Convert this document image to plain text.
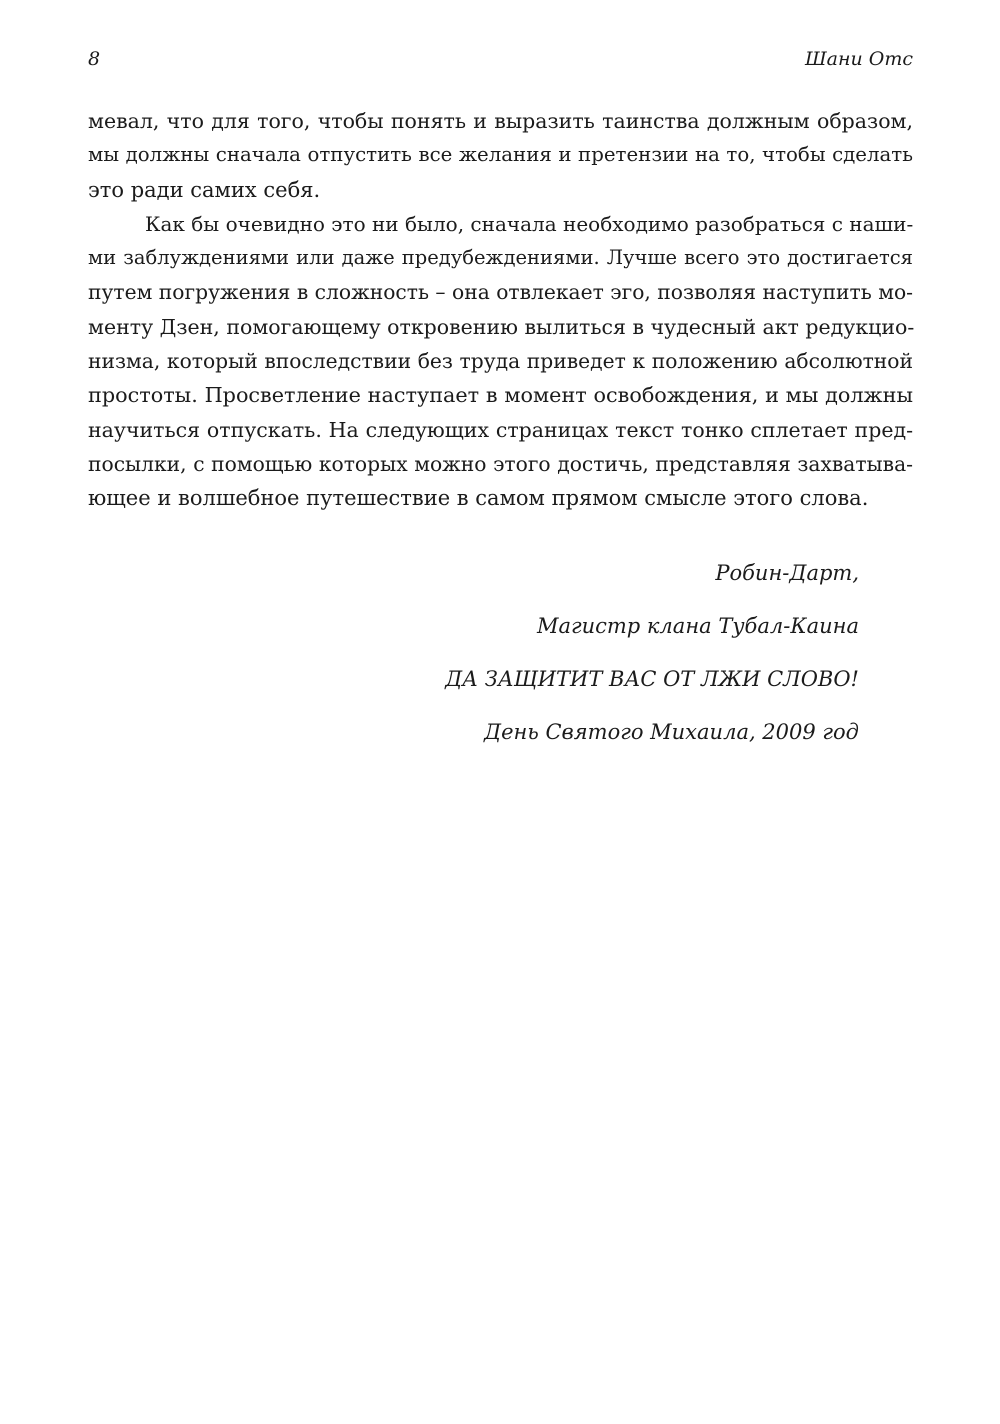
8	Шани Отс

мевал, что для того, чтобы понять и выразить таинства должным образом,
мы должны сначала отпустить все желания и претензии на то, чтобы сделать
это ради самих себя.

Как бы очевидно это ни было, сначала необходимо разобраться с наши-
ми заблуждениями или даже предубеждениями. Лучше всего это достигается
путем погружения в сложность – она отвлекает эго, позволяя наступить мо-
менту Дзен, помогающему откровению вылиться в чудесный акт редукцио-
низма, который впоследствии без труда приведет к положению абсолютной
простоты. Просветление наступает в момент освобождения, и мы должны
научиться отпускать. На следующих страницах текст тонко сплетает пред-
посылки, с помощью которых можно этого достичь, представляя захватыва-
ющее и волшебное путешествие в самом прямом смысле этого слова.

Робин-Дарт,
Магистр клана Тубал-Каина
ДА ЗАЩИТИТ ВАС ОТ ЛЖИ СЛОВО!
День Святого Михаила, 2009 год
